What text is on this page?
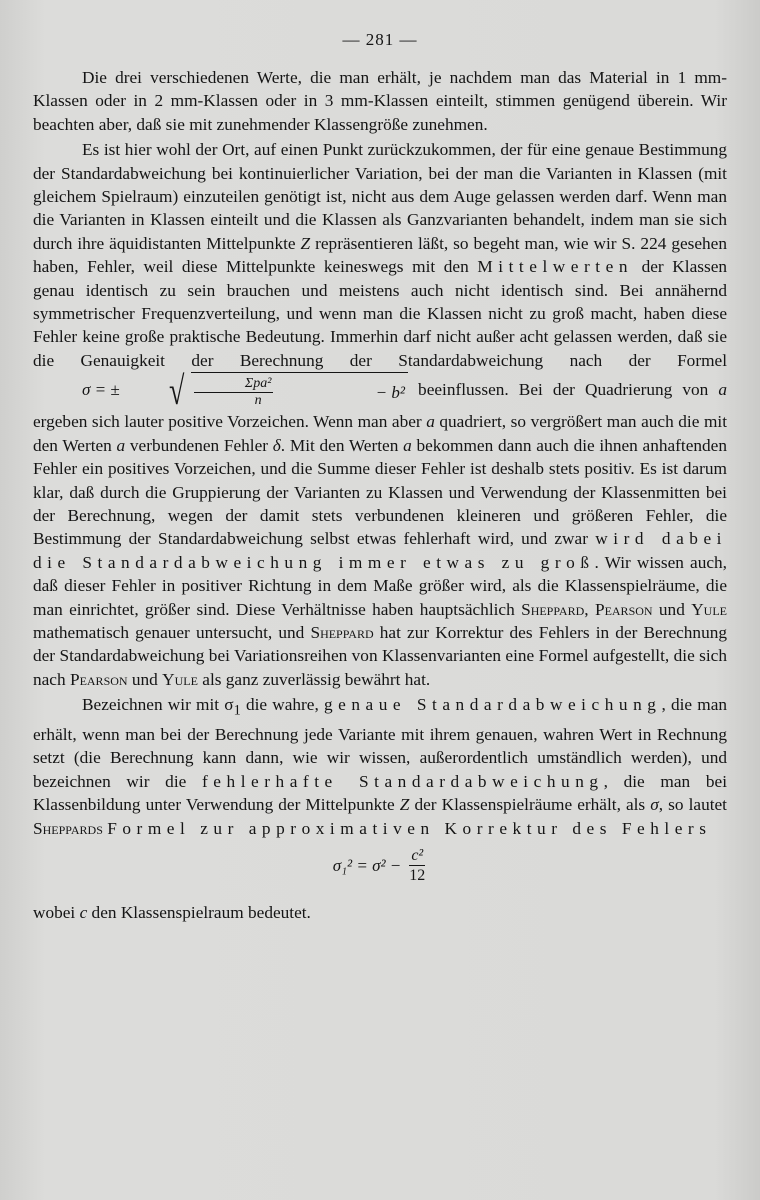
— 281 —

Die drei verschiedenen Werte, die man erhält, je nachdem man das Material in 1 mm-Klassen oder in 2 mm-Klassen oder in 3 mm-Klassen einteilt, stimmen genügend überein. Wir beachten aber, daß sie mit zunehmender Klassengröße zunehmen.

Es ist hier wohl der Ort, auf einen Punkt zurückzukommen, der für eine genaue Bestimmung der Standardabweichung bei kontinuierlicher Variation, bei der man die Varianten in Klassen (mit gleichem Spielraum) einzuteilen genötigt ist, nicht aus dem Auge gelassen werden darf. Wenn man die Varianten in Klassen einteilt und die Klassen als Ganzvarianten behandelt, indem man sie sich durch ihre äquidistanten Mittelpunkte Z repräsentieren läßt, so begeht man, wie wir S. 224 gesehen haben, Fehler, weil diese Mittelpunkte keineswegs mit den Mittelwerten der Klassen genau identisch zu sein brauchen und meistens auch nicht identisch sind. Bei annähernd symmetrischer Frequenzverteilung, und wenn man die Klassen nicht zu groß macht, haben diese Fehler keine große praktische Bedeutung. Immerhin darf nicht außer acht gelassen werden, daß sie die Genauigkeit der Berechnung der Standardabweichung nach der Formel σ = ±	√ $\frac{\text{Σpa²}}{n}$
	− b² beeinflussen. Bei der Quadrierung von a ergeben sich lauter positive Vorzeichen. Wenn man aber a quadriert, so vergrößert man auch die mit den Werten a verbundenen Fehler δ. Mit den Werten a bekommen dann auch die ihnen anhaftenden Fehler ein positives Vorzeichen, und die Summe dieser Fehler ist deshalb stets positiv. Es ist darum klar, daß durch die Gruppierung der Varianten zu Klassen und Verwendung der Klassenmitten bei der Berechnung, wegen der damit stets verbundenen kleineren und größeren Fehler, die Bestimmung der Standardabweichung selbst etwas fehlerhaft wird, und zwar wird dabei die Standardabweichung immer etwas zu groß. Wir wissen auch, daß dieser Fehler in positiver Richtung in dem Maße größer wird, als die Klassenspielräume, die man einrichtet, größer sind. Diese Verhältnisse haben hauptsächlich Sheppard, Pearson und Yule mathematisch genauer untersucht, und Sheppard hat zur Korrektur des Fehlers in der Berechnung der Standardabweichung bei Variationsreihen von Klassenvarianten eine Formel aufgestellt, die sich nach Pearson und Yule als ganz zuverlässig bewährt hat.

Bezeichnen wir mit $\sigma_1$ die wahre, genaue Standardabweichung, die man erhält, wenn man bei der Berechnung jede Variante mit ihrem genauen, wahren Wert in Rechnung setzt (die Berechnung kann dann, wie wir wissen, außerordentlich umständlich werden), und bezeichnen wir die fehlerhafte Standardabweichung, die man bei Klassenbildung unter Verwendung der Mittelpunkte Z der Klassenspielräume erhält, als σ, so lautet Sheppards Formel zur approximativen Korrektur des Fehlers

$\sigma_1^2 = \sigma^2 - \frac{\text{c²}}{12}$

wobei c den Klassenspielraum bedeutet.
